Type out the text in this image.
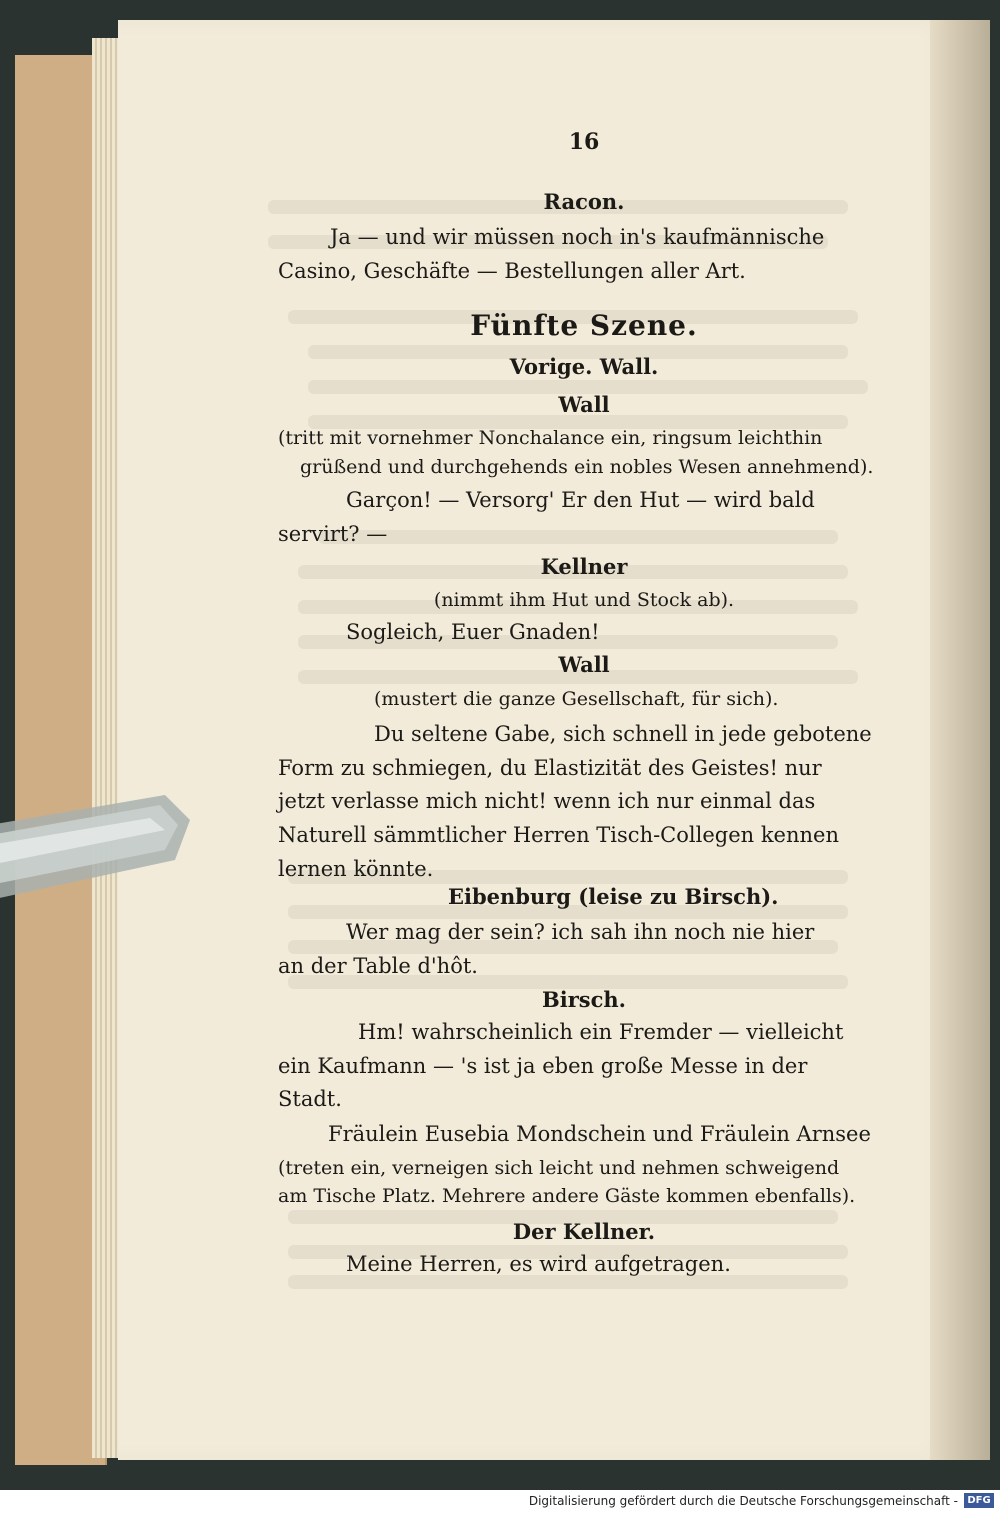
16
Racon.
Ja — und wir müssen noch in's kaufmännische
Casino, Geschäfte — Bestellungen aller Art.
Fünfte Szene.
Vorige. Wall.
Wall
(tritt mit vornehmer Nonchalance ein, ringsum leichthin
grüßend und durchgehends ein nobles Wesen annehmend).
Garçon! — Versorg' Er den Hut — wird bald
servirt? —
Kellner
(nimmt ihm Hut und Stock ab).
Sogleich, Euer Gnaden!
Wall
(mustert die ganze Gesellschaft, für sich).
Du seltene Gabe, sich schnell in jede gebotene
Form zu schmiegen, du Elastizität des Geistes! nur
jetzt verlasse mich nicht! wenn ich nur einmal das
Naturell sämmtlicher Herren Tisch-Collegen kennen
lernen könnte.
Eibenburg (leise zu Birsch).
Wer mag der sein? ich sah ihn noch nie hier
an der Table d'hôt.
Birsch.
Hm! wahrscheinlich ein Fremder — vielleicht
ein Kaufmann — 's ist ja eben große Messe in der
Stadt.
Fräulein Eusebia Mondschein und Fräulein Arnsee
(treten ein, verneigen sich leicht und nehmen schweigend
am Tische Platz. Mehrere andere Gäste kommen ebenfalls).
Der Kellner.
Meine Herren, es wird aufgetragen.
Digitalisierung gefördert durch die Deutsche Forschungsgemeinschaft - DFG
